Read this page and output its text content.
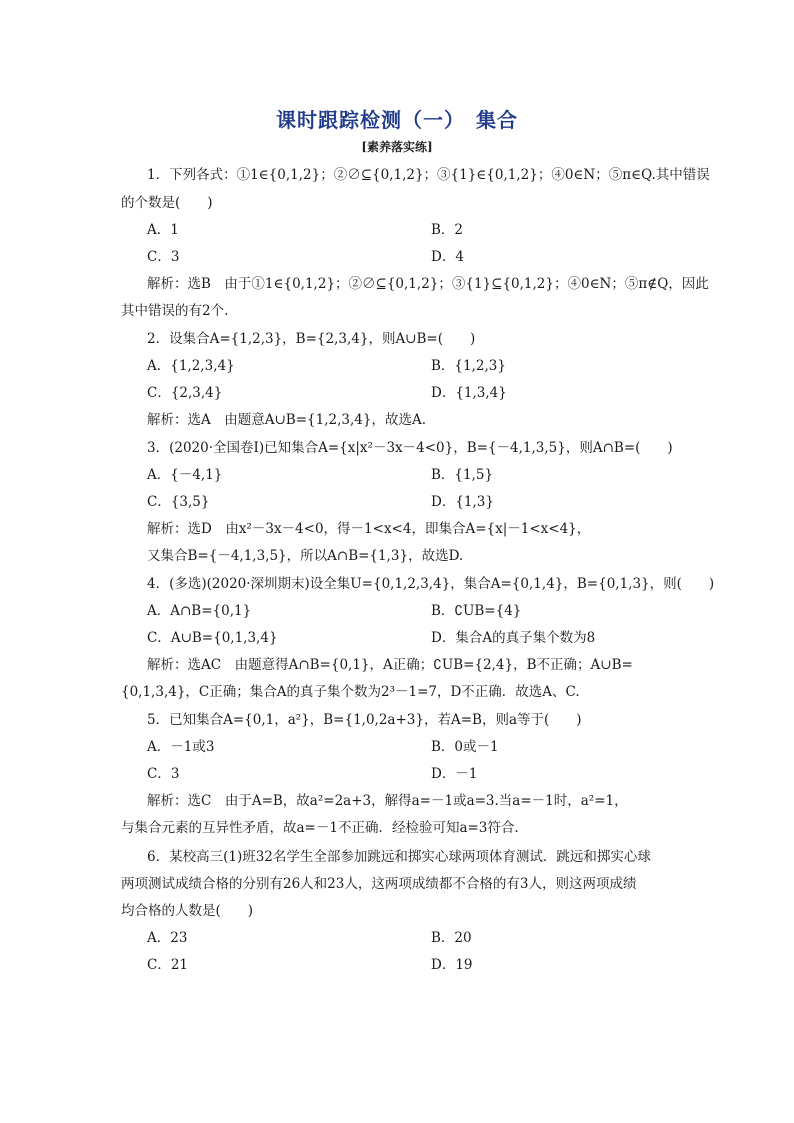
课时跟踪检测（一）　集合
[素养落实练]
1．下列各式：①1∈{0,1,2}；②∅⊆{0,1,2}；③{1}∈{0,1,2}；④0∈N；⑤π∈Q.其中错误
的个数是(　　)
A．1	B．2
C．3	D．4
解析：选B　由于①1∈{0,1,2}；②∅⊆{0,1,2}；③{1}⊆{0,1,2}；④0∈N；⑤π∉Q，因此
其中错误的有2个.
2．设集合A={1,2,3}，B={2,3,4}，则A∪B=(　　)
A．{1,2,3,4}	B．{1,2,3}
C．{2,3,4}	D．{1,3,4}
解析：选A　由题意A∪B={1,2,3,4}，故选A.
3．(2020·全国卷Ⅰ)已知集合A={x|x²－3x－4<0}，B={－4,1,3,5}，则A∩B=(　　)
A．{－4,1}	B．{1,5}
C．{3,5}	D．{1,3}
解析：选D　由x²－3x－4<0，得－1<x<4，即集合A={x|－1<x<4}，
又集合B={－4,1,3,5}，所以A∩B={1,3}，故选D.
4．(多选)(2020·深圳期末)设全集U={0,1,2,3,4}，集合A={0,1,4}，B={0,1,3}，则(　　)
A．A∩B={0,1}	B．∁UB={4}
C．A∪B={0,1,3,4}	D．集合A的真子集个数为8
解析：选AC　由题意得A∩B={0,1}，A正确；∁UB={2,4}，B不正确；A∪B=
{0,1,3,4}，C正确；集合A的真子集个数为2³－1=7，D不正确．故选A、C.
5．已知集合A={0,1，a²}，B={1,0,2a+3}，若A=B，则a等于(　　)
A．－1或3	B．0或－1
C．3	D．－1
解析：选C　由于A=B，故a²=2a+3，解得a=－1或a=3.当a=－1时，a²=1，
与集合元素的互异性矛盾，故a=－1不正确．经检验可知a=3符合.
6．某校高三(1)班32名学生全部参加跳远和掷实心球两项体育测试．跳远和掷实心球
两项测试成绩合格的分别有26人和23人，这两项成绩都不合格的有3人，则这两项成绩
均合格的人数是(　　)
A．23	B．20
C．21	D．19
